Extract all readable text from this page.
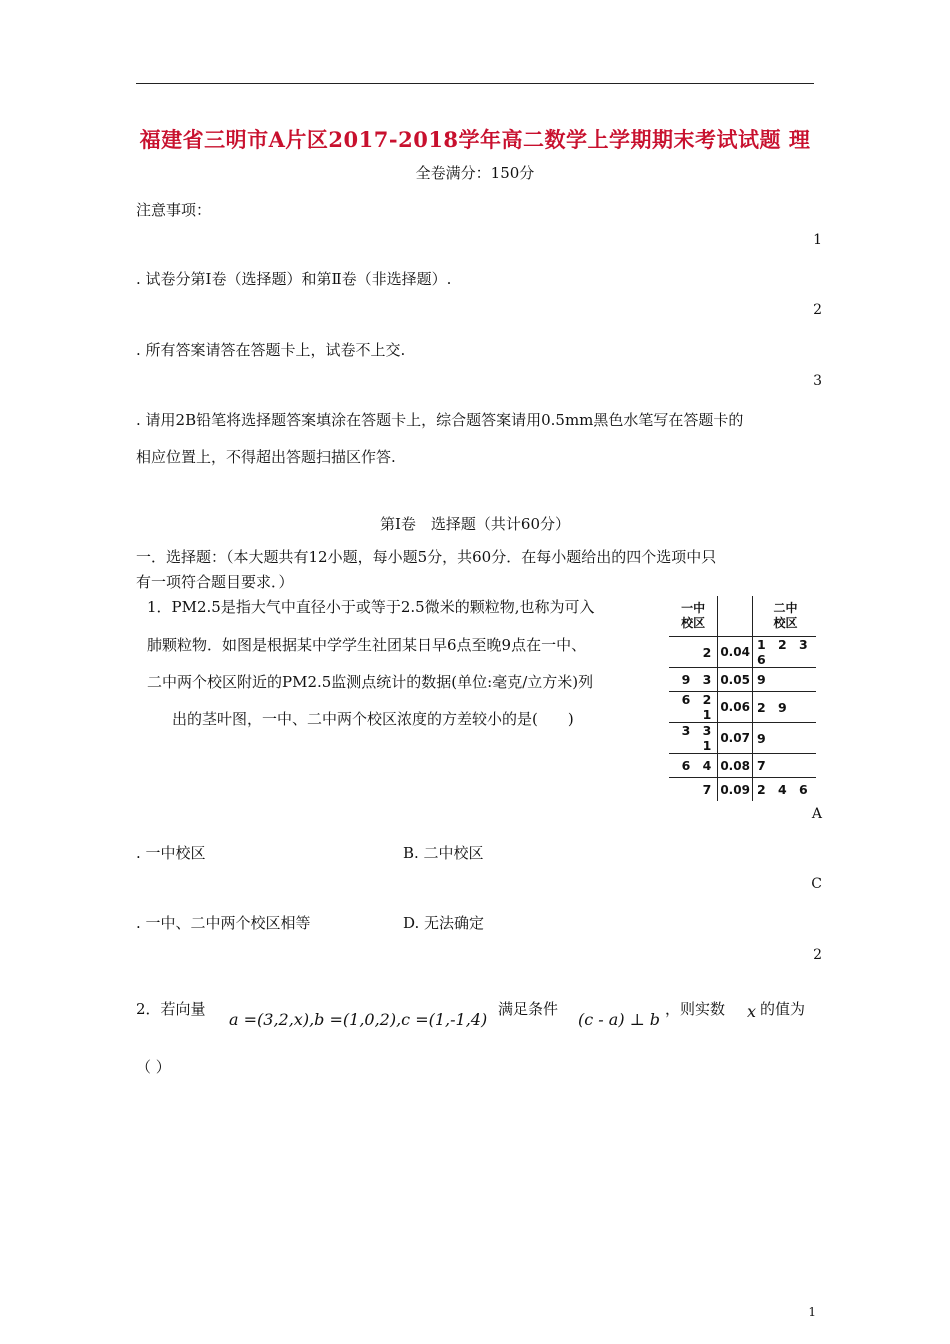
福建省三明市A片区2017-2018学年高二数学上学期期末考试试题 理
全卷满分：150分
注意事项：
1
. 试卷分第Ⅰ卷（选择题）和第Ⅱ卷（非选择题）.
2
. 所有答案请答在答题卡上，试卷不上交.
3
. 请用2B铅笔将选择题答案填涂在答题卡上，综合题答案请用0.5mm黑色水笔写在答题卡的
相应位置上，不得超出答题扫描区作答.
第Ⅰ卷　选择题（共计60分）
一．选择题：（本大题共有12小题，每小题5分，共60分．在每小题给出的四个选项中只
有一项符合题目要求．）
1．PM2.5是指大气中直径小于或等于2.5微米的颗粒物,也称为可入
肺颗粒物．如图是根据某中学学生社团某日早6点至晚9点在一中、
二中两个校区附近的PM2.5监测点统计的数据(单位:毫克/立方米)列
出的茎叶图，一中、二中两个校区浓度的方差较小的是(　　)
一中
校区		二中
校区
2	0.04	1 2 3 6
9 3	0.05	9
6 2 1	0.06	2 9
3 3 1	0.07	9
6 4	0.08	7
7	0.09	2 4 6
A
. 一中校区	B. 二中校区
C
. 一中、二中两个校区相等	D. 无法确定
2
2．若向量
a =(3,2,x),b =(1,0,2),c =(1,-1,4)
满足条件
(c - a) ⊥ b
，则实数 x 的值为
（ ）
1
